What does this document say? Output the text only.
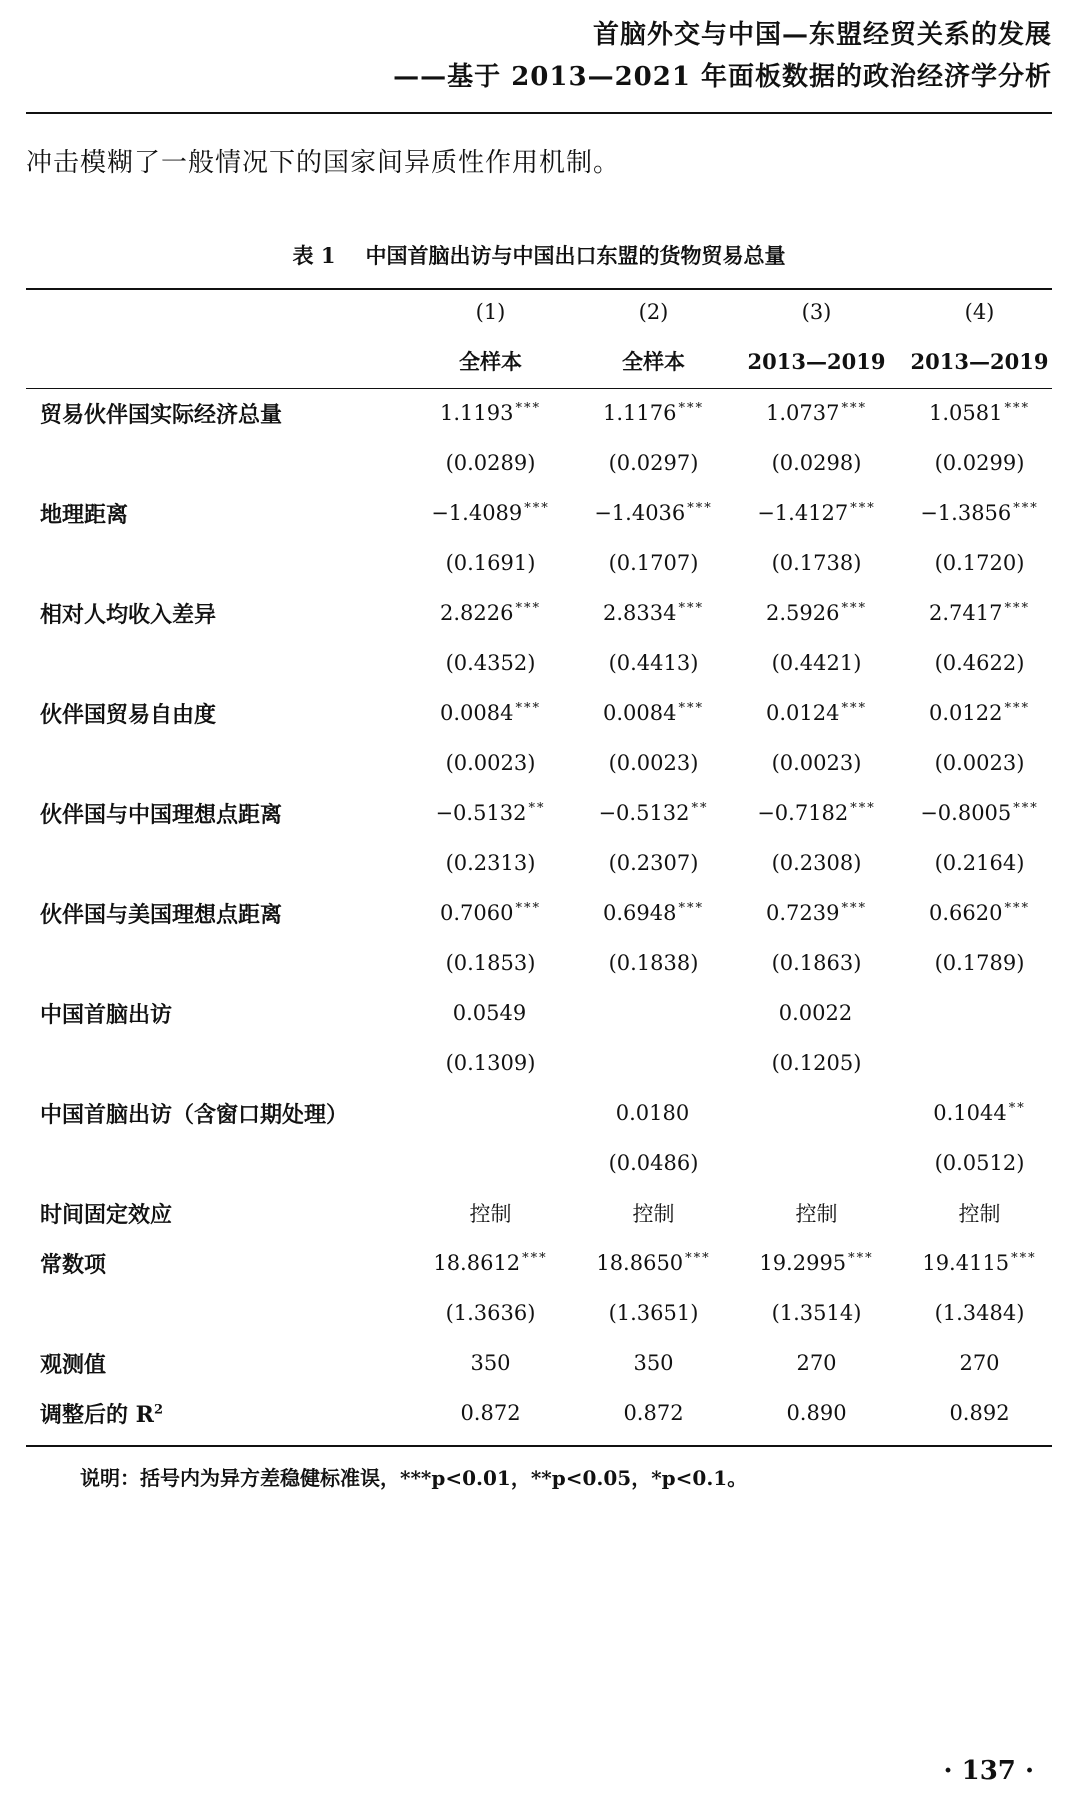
首脑外交与中国—东盟经贸关系的发展
——基于 2013—2021 年面板数据的政治经济学分析
冲击模糊了一般情况下的国家间异质性作用机制。
表 1 中国首脑出访与中国出口东盟的货物贸易总量
	(1)	(2)	(3)	(4)
	全样本	全样本	2013—2019	2013—2019
贸易伙伴国实际经济总量	1.1193 ***	1.1176 ***	1.0737 ***	1.0581 ***
	(0.0289)	(0.0297)	(0.0298)	(0.0299)
地理距离	−1.4089 ***	−1.4036 ***	−1.4127 ***	−1.3856 ***
	(0.1691)	(0.1707)	(0.1738)	(0.1720)
相对人均收入差异	2.8226 ***	2.8334 ***	2.5926 ***	2.7417 ***
	(0.4352)	(0.4413)	(0.4421)	(0.4622)
伙伴国贸易自由度	0.0084 ***	0.0084 ***	0.0124 ***	0.0122 ***
	(0.0023)	(0.0023)	(0.0023)	(0.0023)
伙伴国与中国理想点距离	−0.5132 **	−0.5132 **	−0.7182 ***	−0.8005 ***
	(0.2313)	(0.2307)	(0.2308)	(0.2164)
伙伴国与美国理想点距离	0.7060 ***	0.6948 ***	0.7239 ***	0.6620 ***
	(0.1853)	(0.1838)	(0.1863)	(0.1789)
中国首脑出访	0.0549		0.0022	
	(0.1309)		(0.1205)	
中国首脑出访（含窗口期处理）		0.0180		0.1044 **
		(0.0486)		(0.0512)
时间固定效应	控制	控制	控制	控制
常数项	18.8612 ***	18.8650 ***	19.2995 ***	19.4115 ***
	(1.3636)	(1.3651)	(1.3514)	(1.3484)
观测值	350	350	270	270
调整后的 $R^2$	0.872	0.872	0.890	0.892
说明：括号内为异方差稳健标准误，***p<0.01，**p<0.05，*p<0.1。
· 137 ·
